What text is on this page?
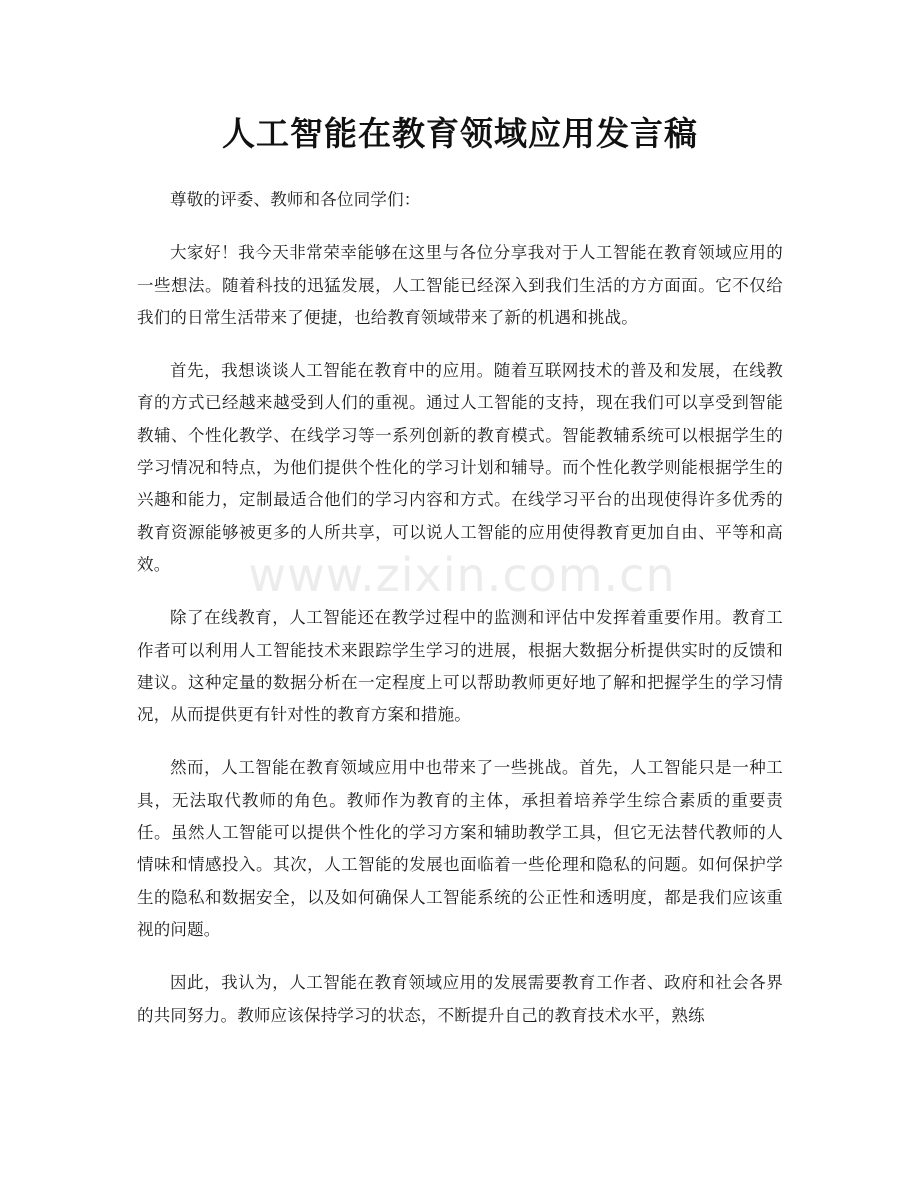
人工智能在教育领域应用发言稿

尊敬的评委、教师和各位同学们：

大家好！我今天非常荣幸能够在这里与各位分享我对于人工智能在教育领域应用的一些想法。随着科技的迅猛发展，人工智能已经深入到我们生活的方方面面。它不仅给我们的日常生活带来了便捷，也给教育领域带来了新的机遇和挑战。

首先，我想谈谈人工智能在教育中的应用。随着互联网技术的普及和发展，在线教育的方式已经越来越受到人们的重视。通过人工智能的支持，现在我们可以享受到智能教辅、个性化教学、在线学习等一系列创新的教育模式。智能教辅系统可以根据学生的学习情况和特点，为他们提供个性化的学习计划和辅导。而个性化教学则能根据学生的兴趣和能力，定制最适合他们的学习内容和方式。在线学习平台的出现使得许多优秀的教育资源能够被更多的人所共享，可以说人工智能的应用使得教育更加自由、平等和高效。

除了在线教育，人工智能还在教学过程中的监测和评估中发挥着重要作用。教育工作者可以利用人工智能技术来跟踪学生学习的进展，根据大数据分析提供实时的反馈和建议。这种定量的数据分析在一定程度上可以帮助教师更好地了解和把握学生的学习情况，从而提供更有针对性的教育方案和措施。

然而，人工智能在教育领域应用中也带来了一些挑战。首先，人工智能只是一种工具，无法取代教师的角色。教师作为教育的主体，承担着培养学生综合素质的重要责任。虽然人工智能可以提供个性化的学习方案和辅助教学工具，但它无法替代教师的人情味和情感投入。其次，人工智能的发展也面临着一些伦理和隐私的问题。如何保护学生的隐私和数据安全，以及如何确保人工智能系统的公正性和透明度，都是我们应该重视的问题。

因此，我认为，人工智能在教育领域应用的发展需要教育工作者、政府和社会各界的共同努力。教师应该保持学习的状态，不断提升自己的教育技术水平，熟练

www.zixin.com.cn
